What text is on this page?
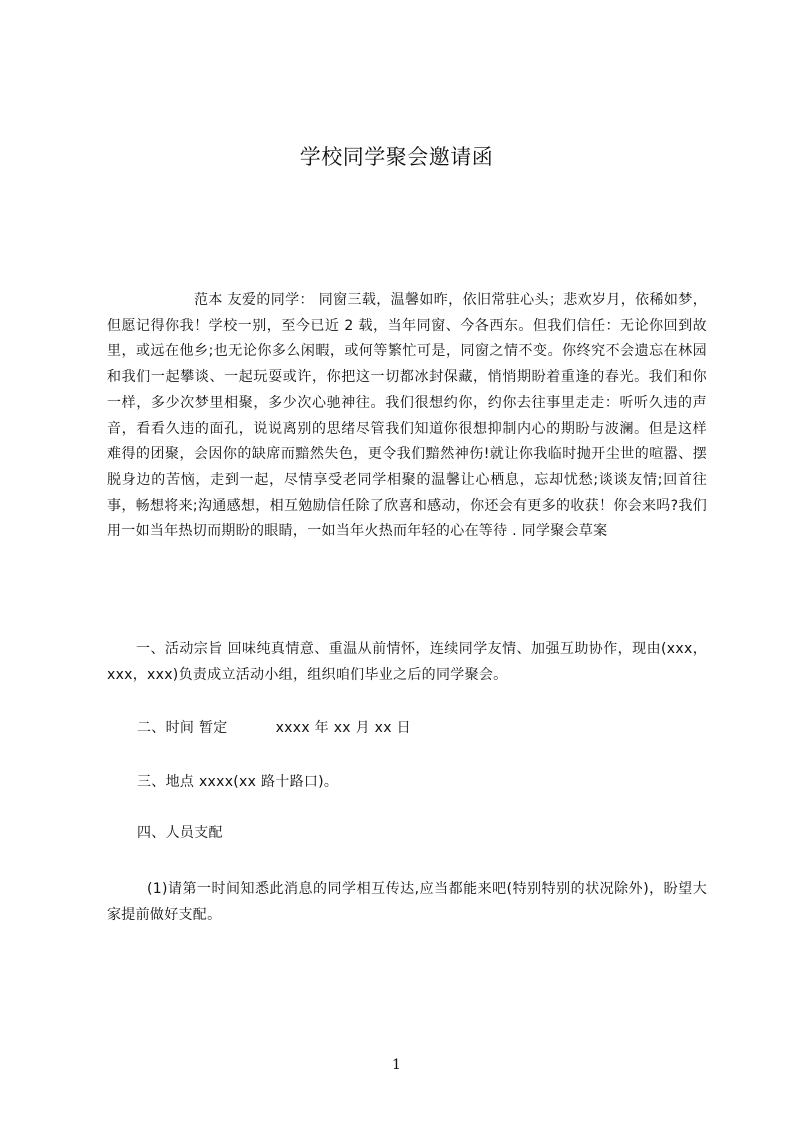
学校同学聚会邀请函
范本 友爱的同学： 同窗三载，温馨如昨，依旧常驻心头；悲欢岁月，依稀如梦，但愿记得你我！学校一别，至今已近 2 载，当年同窗、今各西东。但我们信任：无论你回到故里，或远在他乡;也无论你多么闲暇，或何等繁忙可是，同窗之情不变。你终究不会遗忘在林园和我们一起攀谈、一起玩耍或许，你把这一切都冰封保藏，悄悄期盼着重逢的春光。我们和你一样，多少次梦里相聚，多少次心驰神往。我们很想约你，约你去往事里走走：听听久违的声音，看看久违的面孔，说说离别的思绪尽管我们知道你很想抑制内心的期盼与波澜。但是这样难得的团聚，会因你的缺席而黯然失色，更令我们黯然神伤!就让你我临时抛开尘世的喧嚣、摆脱身边的苦恼，走到一起，尽情享受老同学相聚的温馨让心栖息，忘却忧愁;谈谈友情;回首往事，畅想将来;沟通感想，相互勉励信任除了欣喜和感动，你还会有更多的收获！你会来吗?我们用一如当年热切而期盼的眼睛，一如当年火热而年轻的心在等待 . 同学聚会草案
一、活动宗旨 回味纯真情意、重温从前情怀，连续同学友情、加强互助协作，现由(xxx，xxx，xxx)负责成立活动小组，组织咱们毕业之后的同学聚会。
二、时间 暂定	xxxx 年 xx 月 xx 日
三、地点 xxxx(xx 路十路口)。
四、人员支配
(1)请第一时间知悉此消息的同学相互传达,应当都能来吧(特别特别的状况除外)，盼望大家提前做好支配。
1
